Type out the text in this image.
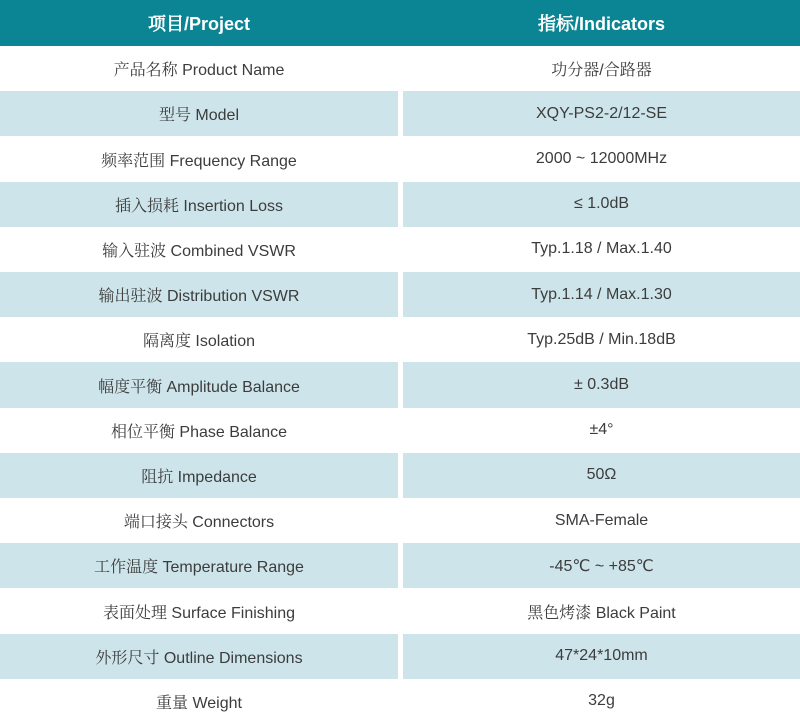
项目/Project	指标/Indicators
产品名称 Product Name	功分器/合路器
型号 Model	XQY-PS2-2/12-SE
频率范围 Frequency Range	2000 ~ 12000MHz
插入损耗 Insertion Loss	≤ 1.0dB
输入驻波 Combined VSWR	Typ.1.18 / Max.1.40
输出驻波 Distribution VSWR	Typ.1.14 / Max.1.30
隔离度 Isolation	Typ.25dB / Min.18dB
幅度平衡 Amplitude Balance	± 0.3dB
相位平衡 Phase Balance	±4°
阻抗 Impedance	50Ω
端口接头 Connectors	SMA-Female
工作温度 Temperature Range	-45℃ ~ +85℃
表面处理 Surface Finishing	黑色烤漆 Black Paint
外形尺寸 Outline Dimensions	47*24*10mm
重量 Weight	32g
